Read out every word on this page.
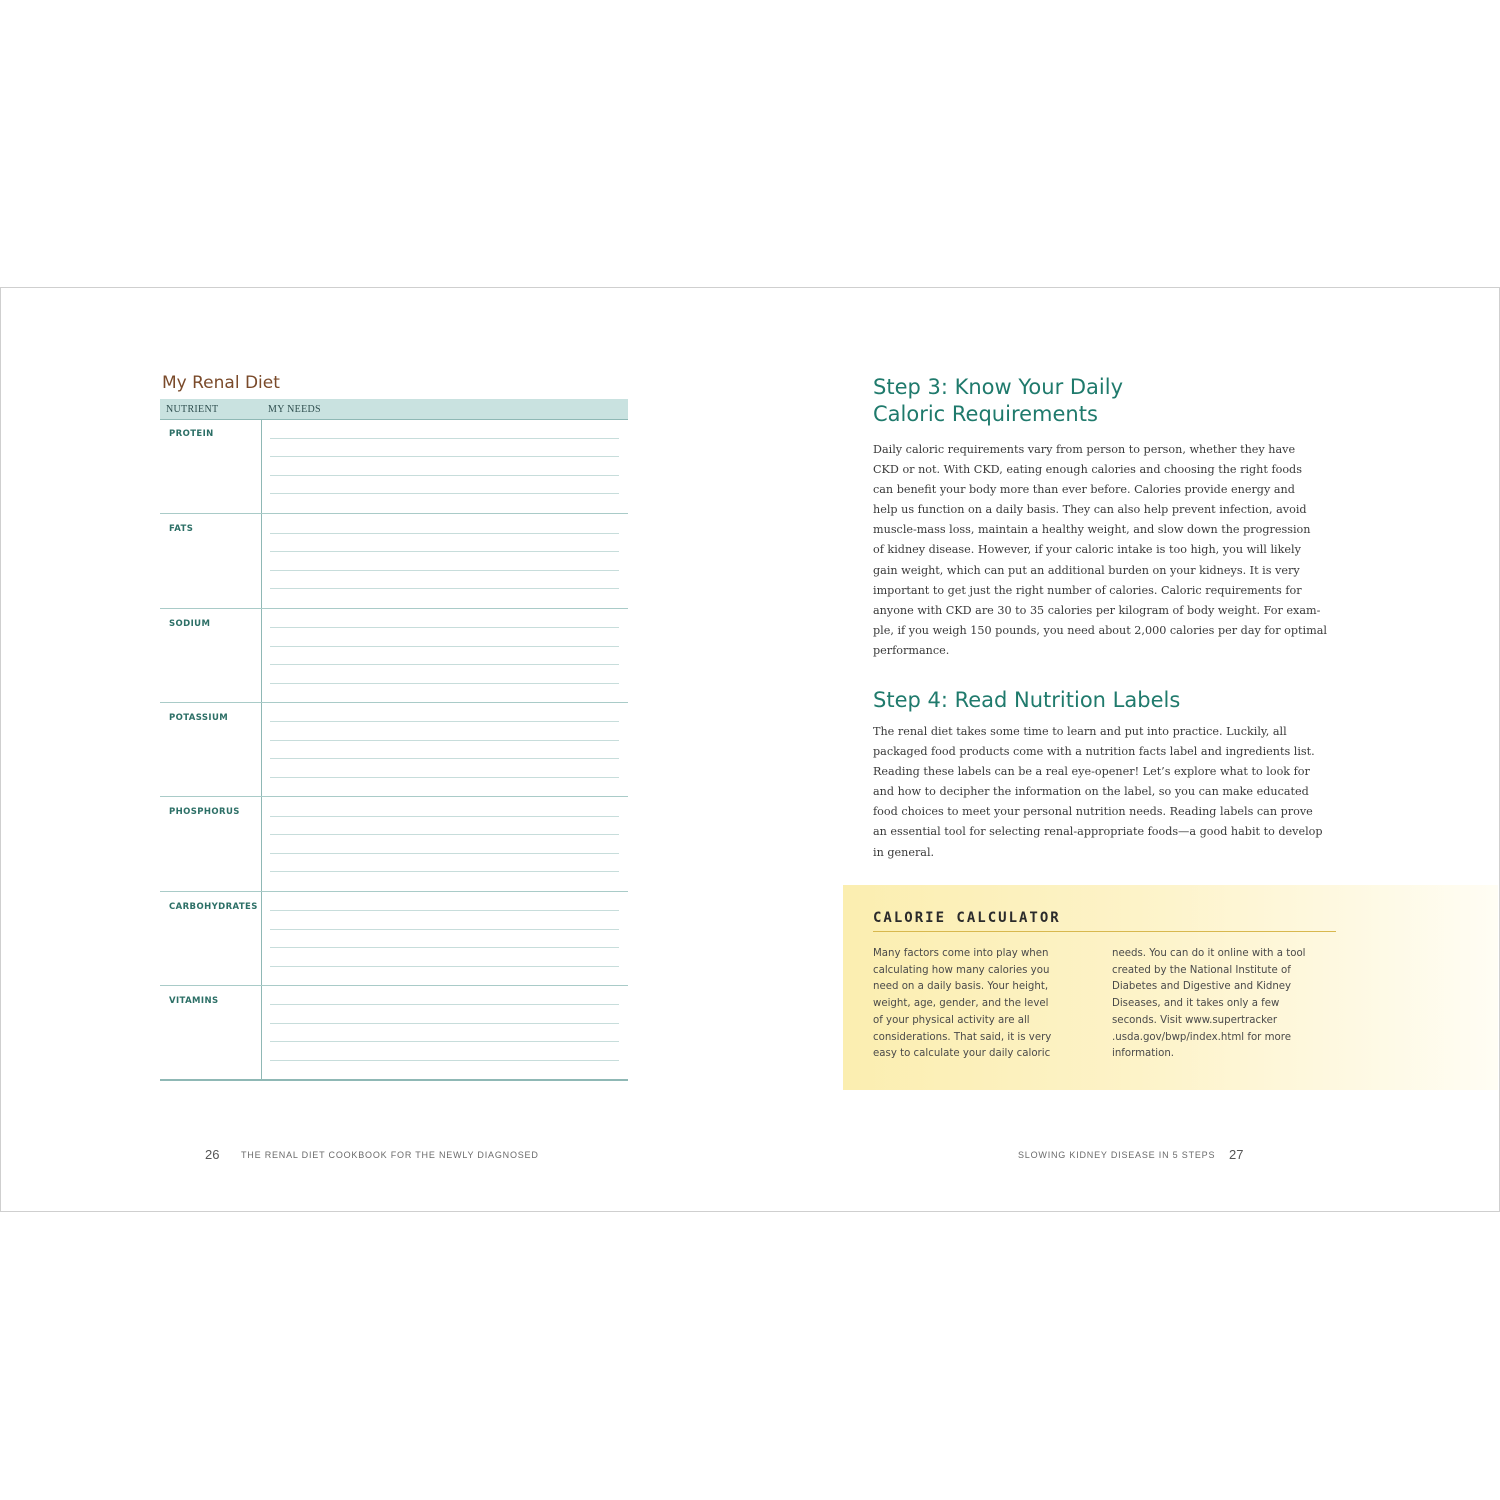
My Renal Diet
NUTRIENT	MY NEEDS
PROTEIN
FATS
SODIUM
POTASSIUM
PHOSPHORUS
CARBOHYDRATES
VITAMINS
Step 3: Know Your Daily
Caloric Requirements
Daily caloric requirements vary from person to person, whether they have
CKD or not. With CKD, eating enough calories and choosing the right foods
can benefit your body more than ever before. Calories provide energy and
help us function on a daily basis. They can also help prevent infection, avoid
muscle-mass loss, maintain a healthy weight, and slow down the progression
of kidney disease. However, if your caloric intake is too high, you will likely
gain weight, which can put an additional burden on your kidneys. It is very
important to get just the right number of calories. Caloric requirements for
anyone with CKD are 30 to 35 calories per kilogram of body weight. For exam-
ple, if you weigh 150 pounds, you need about 2,000 calories per day for optimal
performance.
Step 4: Read Nutrition Labels
The renal diet takes some time to learn and put into practice. Luckily, all
packaged food products come with a nutrition facts label and ingredients list.
Reading these labels can be a real eye-opener! Let’s explore what to look for
and how to decipher the information on the label, so you can make educated
food choices to meet your personal nutrition needs. Reading labels can prove
an essential tool for selecting renal-appropriate foods—a good habit to develop
in general.
CALORIE CALCULATOR
Many factors come into play when
calculating how many calories you
need on a daily basis. Your height,
weight, age, gender, and the level
of your physical activity are all
considerations. That said, it is very
easy to calculate your daily caloric
needs. You can do it online with a tool
created by the National Institute of
Diabetes and Digestive and Kidney
Diseases, and it takes only a few
seconds. Visit www.supertracker
.usda.gov/bwp/index.html for more
information.
26 THE RENAL DIET COOKBOOK FOR THE NEWLY DIAGNOSED	SLOWING KIDNEY DISEASE IN 5 STEPS 27
